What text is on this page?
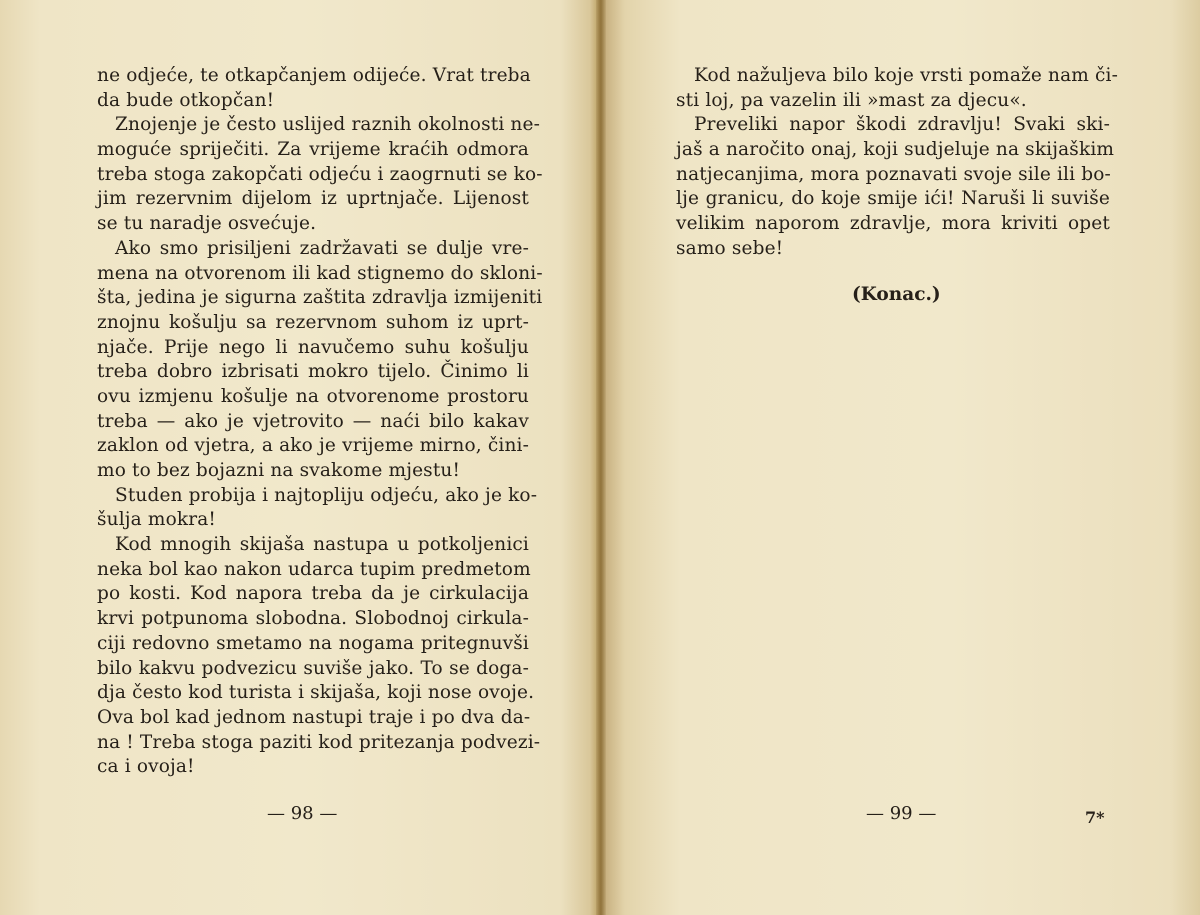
ne odjeće, te otkapčanjem odijeće. Vrat treba
da bude otkopčan!
Znojenje je često uslijed raznih okolnosti ne-
moguće spriječiti. Za vrijeme kraćih odmora
treba stoga zakopčati odjeću i zaogrnuti se ko-
jim rezervnim dijelom iz uprtnjače. Lijenost
se tu naradje osvećuje.
Ako smo prisiljeni zadržavati se dulje vre-
mena na otvorenom ili kad stignemo do skloni-
šta, jedina je sigurna zaštita zdravlja izmijeniti
znojnu košulju sa rezervnom suhom iz uprt-
njače. Prije nego li navučemo suhu košulju
treba dobro izbrisati mokro tijelo. Činimo li
ovu izmjenu košulje na otvorenome prostoru
treba — ako je vjetrovito — naći bilo kakav
zaklon od vjetra, a ako je vrijeme mirno, čini-
mo to bez bojazni na svakome mjestu!
Studen probija i najtopliju odjeću, ako je ko-
šulja mokra!
Kod mnogih skijaša nastupa u potkoljenici
neka bol kao nakon udarca tupim predmetom
po kosti. Kod napora treba da je cirkulacija
krvi potpunoma slobodna. Slobodnoj cirkula-
ciji redovno smetamo na nogama pritegnuvši
bilo kakvu podvezicu suviše jako. To se doga-
dja često kod turista i skijaša, koji nose ovoje.
Ova bol kad jednom nastupi traje i po dva da-
na ! Treba stoga paziti kod pritezanja podvezi-
ca i ovoja!
Kod nažuljeva bilo koje vrsti pomaže nam či-
sti loj, pa vazelin ili »mast za djecu«.
Preveliki napor škodi zdravlju! Svaki ski-
jaš a naročito onaj, koji sudjeluje na skijaškim
natjecanjima, mora poznavati svoje sile ili bo-
lje granicu, do koje smije ići! Naruši li suviše
velikim naporom zdravlje, mora kriviti opet
samo sebe!
(Konac.)
— 98 —	— 99 —	7*
